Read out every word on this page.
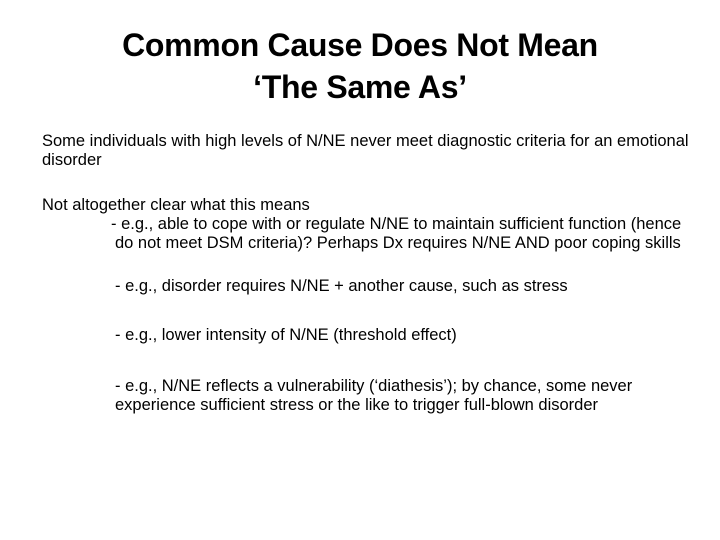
Common Cause Does Not Mean
‘The Same As’

Some individuals with high levels of N/NE never meet diagnostic criteria for an emotional disorder

Not altogether clear what this means

- e.g., able to cope with or regulate N/NE to maintain sufficient function (hence do not meet DSM criteria)? Perhaps Dx requires N/NE AND poor coping skills

- e.g., disorder requires N/NE + another cause, such as stress

- e.g., lower intensity of N/NE (threshold effect)

- e.g., N/NE reflects a vulnerability (‘diathesis’); by chance, some never experience sufficient stress or the like to trigger full-blown disorder
